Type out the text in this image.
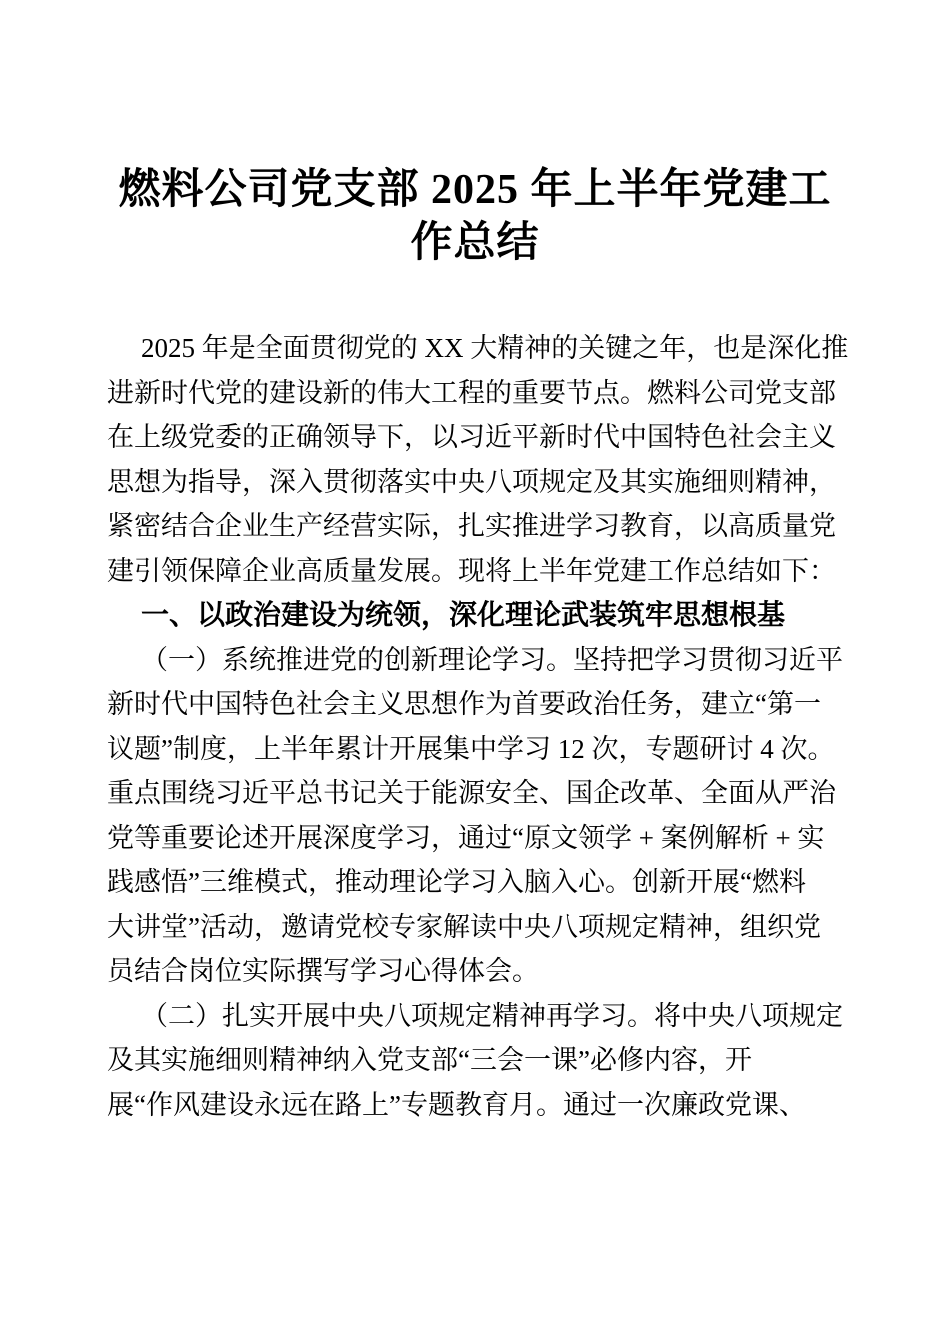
燃料公司党支部 2025 年上半年党建工
作总结
2025 年是全面贯彻党的 XX 大精神的关键之年，也是深化推
进新时代党的建设新的伟大工程的重要节点。燃料公司党支部
在上级党委的正确领导下，以习近平新时代中国特色社会主义
思想为指导，深入贯彻落实中央八项规定及其实施细则精神，
紧密结合企业生产经营实际，扎实推进学习教育，以高质量党
建引领保障企业高质量发展。现将上半年党建工作总结如下：
一、以政治建设为统领，深化理论武装筑牢思想根基
（一）系统推进党的创新理论学习。坚持把学习贯彻习近平
新时代中国特色社会主义思想作为首要政治任务，建立“第一
议题”制度，上半年累计开展集中学习 12 次，专题研讨 4 次。
重点围绕习近平总书记关于能源安全、国企改革、全面从严治
党等重要论述开展深度学习，通过“原文领学 + 案例解析 + 实
践感悟”三维模式，推动理论学习入脑入心。创新开展“燃料
大讲堂”活动，邀请党校专家解读中央八项规定精神，组织党
员结合岗位实际撰写学习心得体会。
（二）扎实开展中央八项规定精神再学习。将中央八项规定
及其实施细则精神纳入党支部“三会一课”必修内容，开
展“作风建设永远在路上”专题教育月。通过一次廉政党课、
